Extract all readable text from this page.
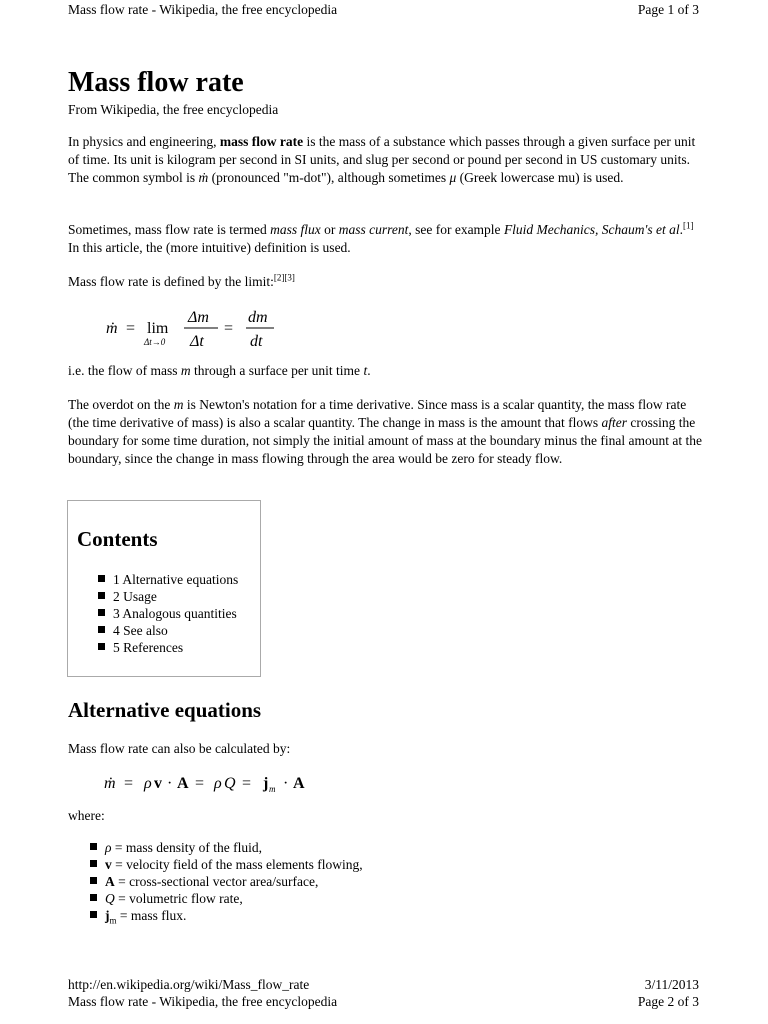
Mass flow rate - Wikipedia, the free encyclopedia	Page 1 of 3
Mass flow rate
From Wikipedia, the free encyclopedia

In physics and engineering, mass flow rate is the mass of a substance which passes through a given surface per unit of time. Its unit is kilogram per second in SI units, and slug per second or pound per second in US customary units. The common symbol is ṁ (pronounced "m-dot"), although sometimes μ (Greek lowercase mu) is used.

Sometimes, mass flow rate is termed mass flux or mass current, see for example Fluid Mechanics, Schaum's et al.[1] In this article, the (more intuitive) definition is used.

Mass flow rate is defined by the limit:[2][3]

ṁ = lim
Δt→0
Δm
Δt
=
dm
dt

i.e. the flow of mass m through a surface per unit time t.

The overdot on the m is Newton's notation for a time derivative. Since mass is a scalar quantity, the mass flow rate (the time derivative of mass) is also a scalar quantity. The change in mass is the amount that flows after crossing the boundary for some time duration, not simply the initial amount of mass at the boundary minus the final amount at the boundary, since the change in mass flowing through the area would be zero for steady flow.

Contents
1 Alternative equations
2 Usage
3 Analogous quantities
4 See also
5 References
Alternative equations

Mass flow rate can also be calculated by:

ṁ = ρ v · A = ρ Q = j m · A

where:

ρ = mass density of the fluid,
v = velocity field of the mass elements flowing,
A = cross-sectional vector area/surface,
Q = volumetric flow rate,
$j_m$ = mass flux.
http://en.wikipedia.org/wiki/Mass_flow_rate	3/11/2013
Mass flow rate - Wikipedia, the free encyclopedia	Page 2 of 3
